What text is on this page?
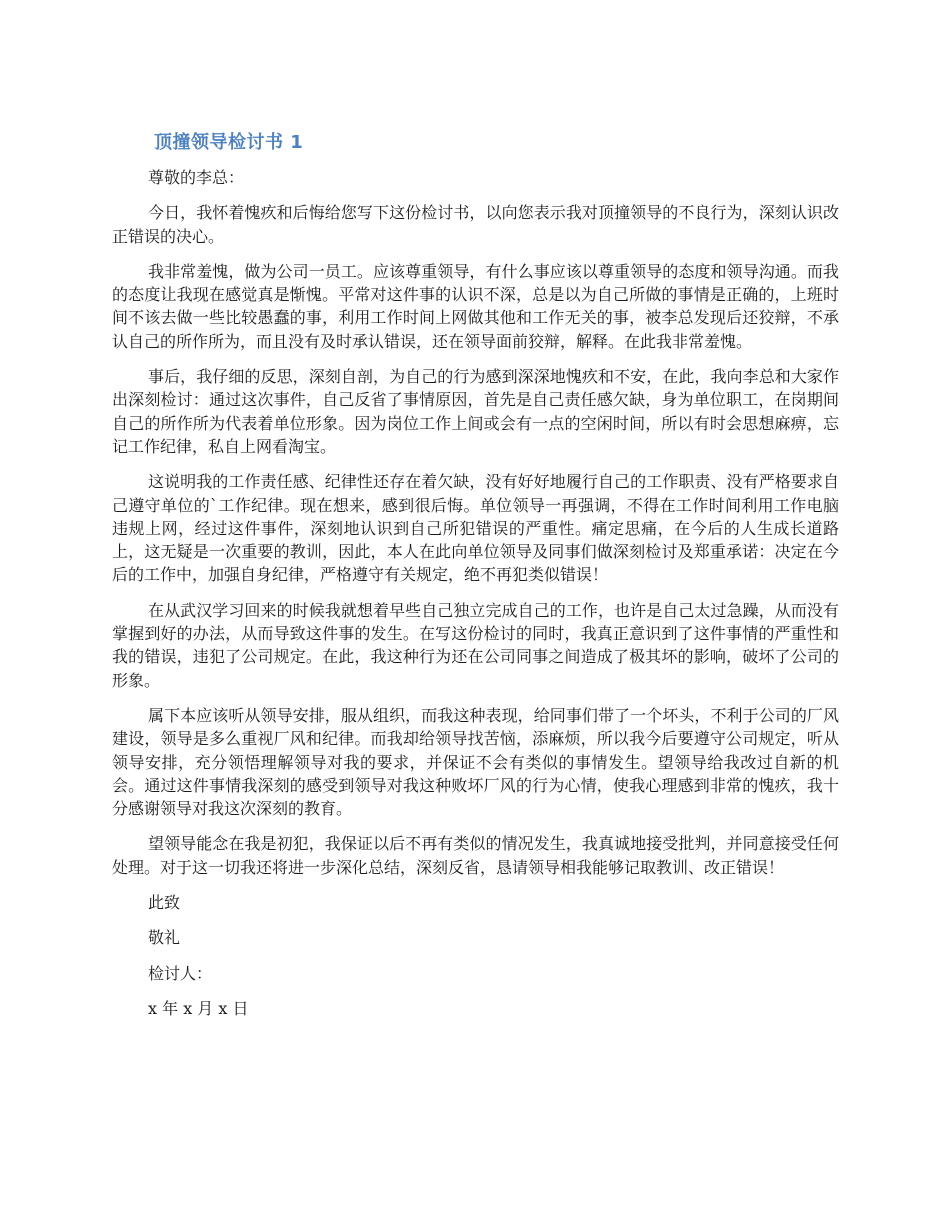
顶撞领导检讨书 1

尊敬的李总：

今日，我怀着愧疚和后悔给您写下这份检讨书，以向您表示我对顶撞领导的不良行为，深刻认识改正错误的决心。

我非常羞愧，做为公司一员工。应该尊重领导，有什么事应该以尊重领导的态度和领导沟通。而我的态度让我现在感觉真是惭愧。平常对这件事的认识不深，总是以为自己所做的事情是正确的，上班时间不该去做一些比较愚蠢的事，利用工作时间上网做其他和工作无关的事，被李总发现后还狡辩，不承认自己的所作所为，而且没有及时承认错误，还在领导面前狡辩，解释。在此我非常羞愧。

事后，我仔细的反思，深刻自剖，为自己的行为感到深深地愧疚和不安，在此，我向李总和大家作出深刻检讨：通过这次事件，自己反省了事情原因，首先是自己责任感欠缺，身为单位职工，在岗期间自己的所作所为代表着单位形象。因为岗位工作上间或会有一点的空闲时间，所以有时会思想麻痹，忘记工作纪律，私自上网看淘宝。

这说明我的工作责任感、纪律性还存在着欠缺，没有好好地履行自己的工作职责、没有严格要求自己遵守单位的`工作纪律。现在想来，感到很后悔。单位领导一再强调，不得在工作时间利用工作电脑违规上网，经过这件事件，深刻地认识到自己所犯错误的严重性。痛定思痛，在今后的人生成长道路上，这无疑是一次重要的教训，因此，本人在此向单位领导及同事们做深刻检讨及郑重承诺：决定在今后的工作中，加强自身纪律，严格遵守有关规定，绝不再犯类似错误！

在从武汉学习回来的时候我就想着早些自己独立完成自己的工作，也许是自己太过急躁，从而没有掌握到好的办法，从而导致这件事的发生。在写这份检讨的同时，我真正意识到了这件事情的严重性和我的错误，违犯了公司规定。在此，我这种行为还在公司同事之间造成了极其坏的影响，破坏了公司的形象。

属下本应该听从领导安排，服从组织，而我这种表现，给同事们带了一个坏头，不利于公司的厂风建设，领导是多么重视厂风和纪律。而我却给领导找苦恼，添麻烦，所以我今后要遵守公司规定，听从领导安排，充分领悟理解领导对我的要求，并保证不会有类似的事情发生。望领导给我改过自新的机会。通过这件事情我深刻的感受到领导对我这种败坏厂风的行为心情，使我心理感到非常的愧疚，我十分感谢领导对我这次深刻的教育。

望领导能念在我是初犯，我保证以后不再有类似的情况发生，我真诚地接受批判，并同意接受任何处理。对于这一切我还将进一步深化总结，深刻反省，恳请领导相我能够记取教训、改正错误！

此致

敬礼

检讨人：

x 年 x 月 x 日
